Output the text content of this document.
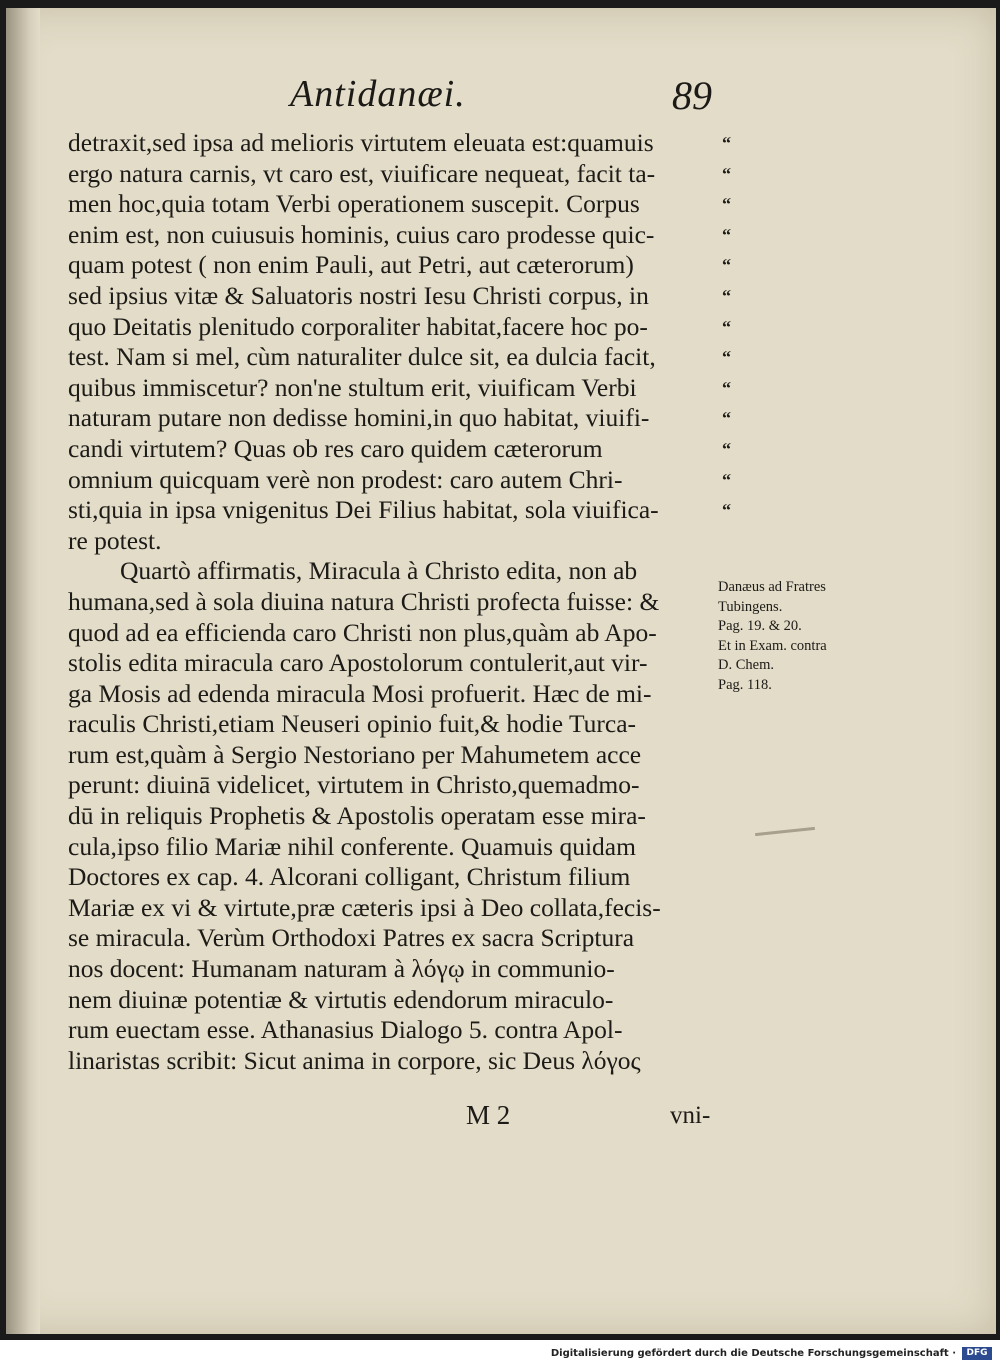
Antidanæi.	89
detraxit,sed ipsa ad melioris virtutem eleuata est:quamuis
ergo natura carnis, vt caro est, viuificare nequeat, facit ta-
men hoc,quia totam Verbi operationem suscepit. Corpus
enim est, non cuiusuis hominis, cuius caro prodesse quic-
quam potest ( non enim Pauli, aut Petri, aut cæterorum)
sed ipsius vitæ & Saluatoris nostri Iesu Christi corpus, in
quo Deitatis plenitudo corporaliter habitat,facere hoc po-
test. Nam si mel, cùm naturaliter dulce sit, ea dulcia facit,
quibus immiscetur? non'ne stultum erit, viuificam Verbi
naturam putare non dedisse homini,in quo habitat, viuifi-
candi virtutem? Quas ob res caro quidem cæterorum
omnium quicquam verè non prodest: caro autem Chri-
sti,quia in ipsa vnigenitus Dei Filius habitat, sola viuifica-
re potest.
Quartò affirmatis, Miracula à Christo edita, non ab
humana,sed à sola diuina natura Christi profecta fuisse: &
quod ad ea efficienda caro Christi non plus,quàm ab Apo-
stolis edita miracula caro Apostolorum contulerit,aut vir-
ga Mosis ad edenda miracula Mosi profuerit. Hæc de mi-
raculis Christi,etiam Neuseri opinio fuit,& hodie Turca-
rum est,quàm à Sergio Nestoriano per Mahumetem acce
perunt: diuinā videlicet, virtutem in Christo,quemadmo-
dū in reliquis Prophetis & Apostolis operatam esse mira-
cula,ipso filio Mariæ nihil conferente. Quamuis quidam
Doctores ex cap. 4. Alcorani colligant, Christum filium
Mariæ ex vi & virtute,præ cæteris ipsi à Deo collata,fecis-
se miracula. Verùm Orthodoxi Patres ex sacra Scriptura
nos docent: Humanam naturam à λόγῳ in communio-
nem diuinæ potentiæ & virtutis edendorum miraculo-
rum euectam esse. Athanasius Dialogo 5. contra Apol-
linaristas scribit: Sicut anima in corpore, sic Deus λόγος
“
“
“
“
“
“
“
“
“
“
“
“
“
Danæus ad Fratres
Tubingens.
Pag. 19. & 20.
Et in Exam. contra
D. Chem.
Pag. 118.
M 2	vni-
Digitalisierung gefördert durch die Deutsche Forschungsgemeinschaft ·	DFG
